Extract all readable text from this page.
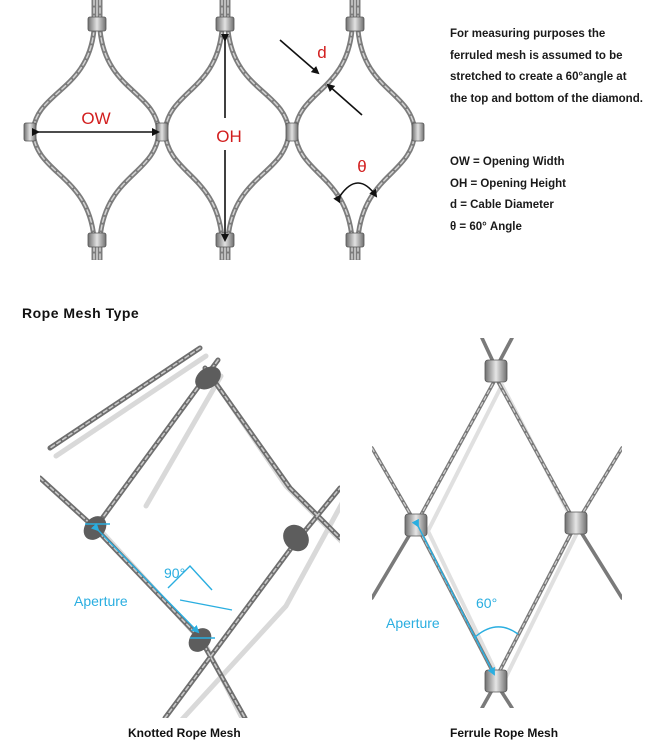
OW
OH
d
θ
For measuring purposes the ferruled mesh is assumed to be stretched to create a 60°angle at the top and bottom of the diamond.
OW = Opening Width
OH = Opening Height
d = Cable Diameter
θ = 60° Angle
Rope Mesh Type
90°
Aperture	60°
Aperture
Knotted Rope Mesh	Ferrule Rope Mesh
